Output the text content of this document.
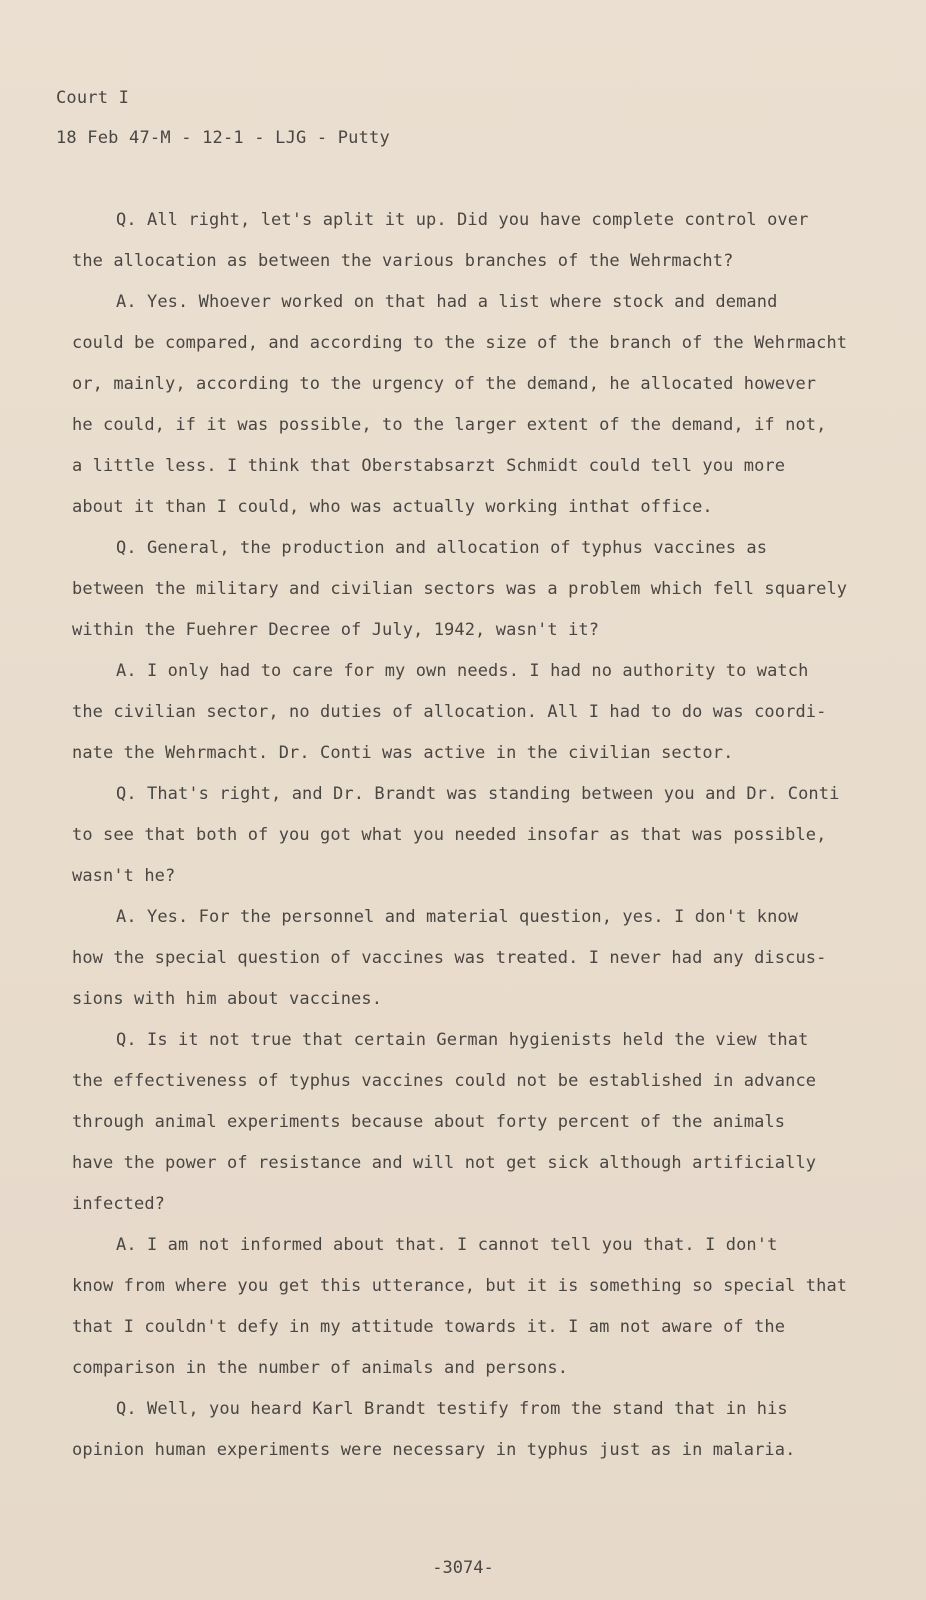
Court I
18 Feb 47-M - 12-1 - LJG - Putty
Q. All right, let's aplit it up. Did you have complete control over
the allocation as between the various branches of the Wehrmacht?
A. Yes. Whoever worked on that had a list where stock and demand
could be compared, and according to the size of the branch of the Wehrmacht
or, mainly, according to the urgency of the demand, he allocated however
he could, if it was possible, to the larger extent of the demand, if not,
a little less. I think that Oberstabsarzt Schmidt could tell you more
about it than I could, who was actually working inthat office.
Q. General, the production and allocation of typhus vaccines as
between the military and civilian sectors was a problem which fell squarely
within the Fuehrer Decree of July, 1942, wasn't it?
A. I only had to care for my own needs. I had no authority to watch
the civilian sector, no duties of allocation. All I had to do was coordi-
nate the Wehrmacht. Dr. Conti was active in the civilian sector.
Q. That's right, and Dr. Brandt was standing between you and Dr. Conti
to see that both of you got what you needed insofar as that was possible,
wasn't he?
A. Yes. For the personnel and material question, yes. I don't know
how the special question of vaccines was treated. I never had any discus-
sions with him about vaccines.
Q. Is it not true that certain German hygienists held the view that
the effectiveness of typhus vaccines could not be established in advance
through animal experiments because about forty percent of the animals
have the power of resistance and will not get sick although artificially
infected?
A. I am not informed about that. I cannot tell you that. I don't
know from where you get this utterance, but it is something so special that
that I couldn't defy in my attitude towards it. I am not aware of the
comparison in the number of animals and persons.
Q. Well, you heard Karl Brandt testify from the stand that in his
opinion human experiments were necessary in typhus just as in malaria.
-3074-
